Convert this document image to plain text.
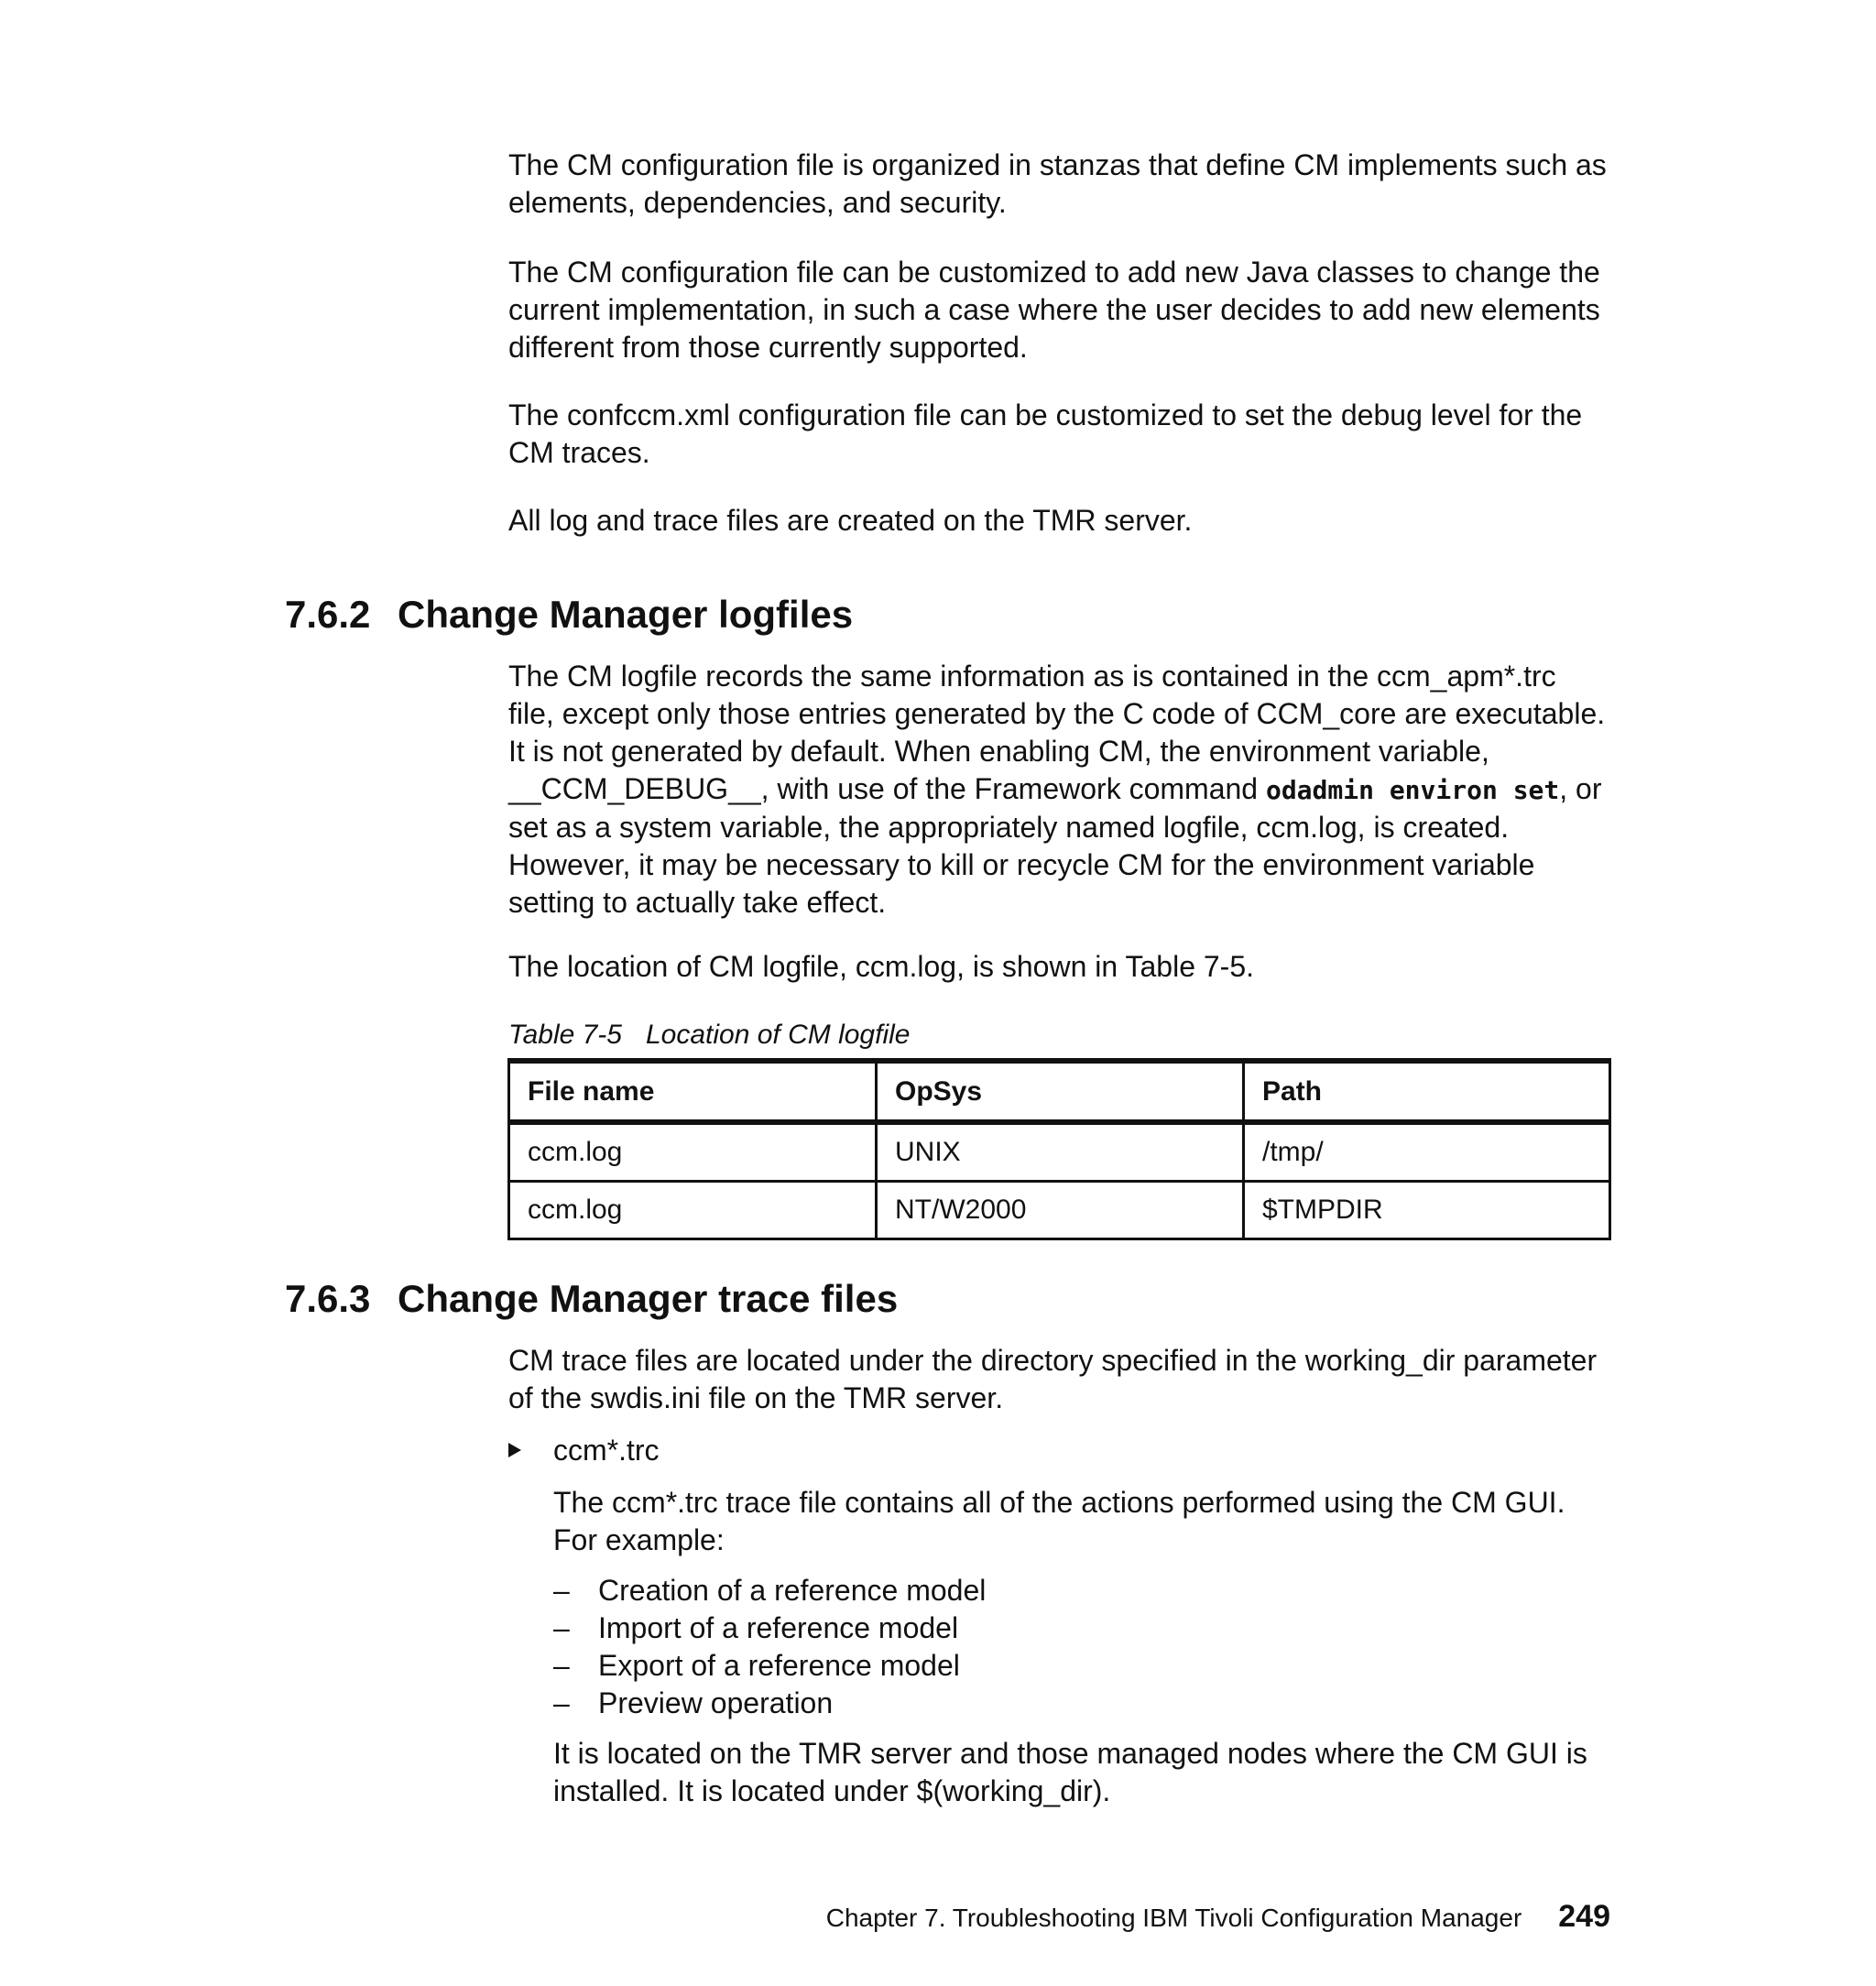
The CM configuration file is organized in stanzas that define CM implements such as elements, dependencies, and security.

The CM configuration file can be customized to add new Java classes to change the current implementation, in such a case where the user decides to add new elements different from those currently supported.

The confccm.xml configuration file can be customized to set the debug level for the CM traces.

All log and trace files are created on the TMR server.

7.6.2 Change Manager logfiles

The CM logfile records the same information as is contained in the ccm_apm*.trc file, except only those entries generated by the C code of CCM_core are executable. It is not generated by default. When enabling CM, the environment variable, __CCM_DEBUG__, with use of the Framework command odadmin environ set, or set as a system variable, the appropriately named logfile, ccm.log, is created. However, it may be necessary to kill or recycle CM for the environment variable setting to actually take effect.

The location of CM logfile, ccm.log, is shown in Table 7-5.

Table 7-5 Location of CM logfile
File name	OpSys	Path
ccm.log	UNIX	/tmp/
ccm.log	NT/W2000	$TMPDIR
7.6.3 Change Manager trace files

CM trace files are located under the directory specified in the working_dir parameter of the swdis.ini file on the TMR server.

ccm*.trc

The ccm*.trc trace file contains all of the actions performed using the CM GUI. For example:

– Creation of a reference model
– Import of a reference model
– Export of a reference model
– Preview operation

It is located on the TMR server and those managed nodes where the CM GUI is installed. It is located under $(working_dir).

Chapter 7. Troubleshooting IBM Tivoli Configuration Manager 249
